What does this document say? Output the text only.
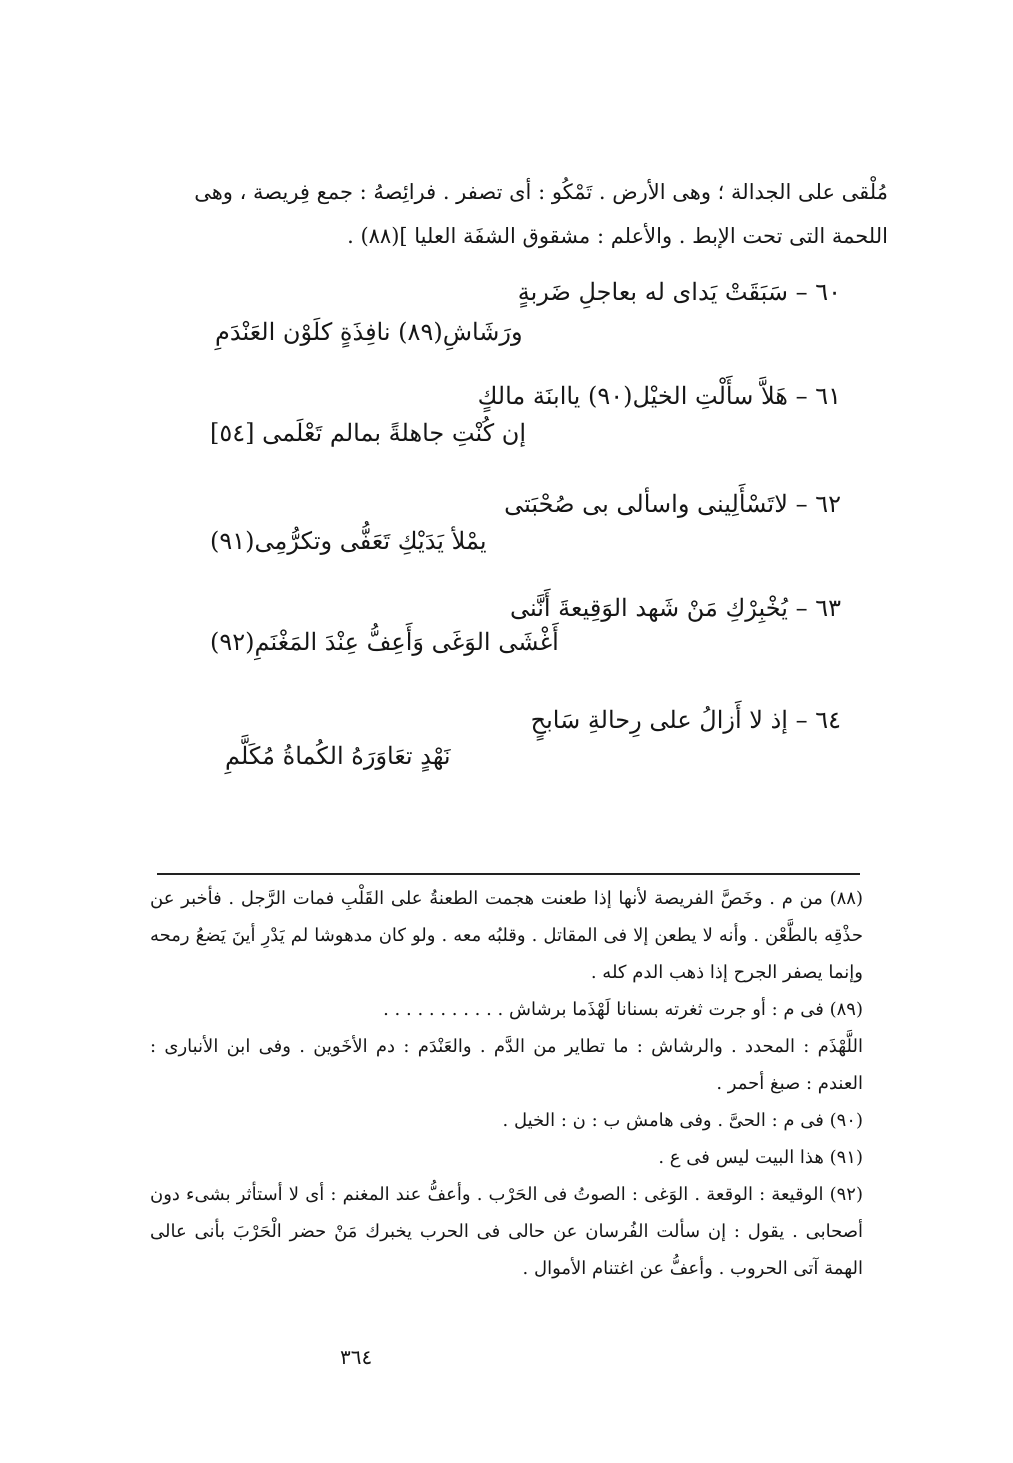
مُلْقى على الجدالة ؛ وهى الأرض . تَمْكُو : أى تصفر . فرائِصهُ : جمع فِريصة ، وهى

اللحمة التى تحت الإبط . والأعلم : مشقوق الشفَة العليا ](٨٨) .

٦٠ – سَبَقَتْ يَداى له بعاجلِ ضَربةٍ
ورَشَاشِ(٨٩) نافِذَةٍ كلَوْن العَنْدَمِ
٦١ – هَلاَّ سأَلْتِ الخيْل(٩٠) ياابنَة مالكٍ
إن كُنْتِ جاهلةً بمالم تَعْلَمى [٥٤]
٦٢ – لاتَسْأَلِينى واسألى بى صُحْبَتى
يمْلأ يَدَيْكِ تَعَفُّى وتكرُّمِى(٩١)
٦٣ – يُخْبِرْكِ مَنْ شَهد الوَقِيعةَ أَنَّنى
أَغْشَى الوَغَى وَأَعِفُّ عِنْدَ المَغْنَمِ(٩٢)
٦٤ – إذ لا أَزالُ على رِحالةِ سَابحٍ
نَهْدٍ تعَاوَرَهُ الكُماةُ مُكَلَّمِ

(٨٨) من م . وخَصَّ الفريصة لأنها إذا طعنت هجمت الطعنةُ على القَلْبِ فمات الرَّجل . فأخبر عن حذْقِه بالطَّعْن . وأنه لا يطعن إلا فى المقاتل . وقلبُه معه . ولو كان مدهوشا لم يَدْرِ أينَ يَضعُ رمحه وإنما يصفر الجرح إذا ذهب الدم كله .

(٨٩) فى م : أو جرت ثغرته بسنانا لَهْذَما برشاش . . . . . . . . . . .

اللَّهْذَم : المحدد . والرشاش : ما تطاير من الدَّم . والعَنْدَم : دم الأخَوين . وفى ابن الأنبارى : العندم : صبغ أحمر .

(٩٠) فى م : الحىَّ . وفى هامش ب : ن : الخيل .

(٩١) هذا البيت ليس فى ع .

(٩٢) الوقيعة : الوقعة . الوَغى : الصوتُ فى الحَرْب . وأعفُّ عند المغنم : أى لا أستأثر بشىء دون أصحابى . يقول : إن سألت الفُرسان عن حالى فى الحرب يخبرك مَنْ حضر الْحَرْبَ بأنى عالى الهمة آتى الحروب . وأعفُّ عن اغتنام الأموال .

٣٦٤
